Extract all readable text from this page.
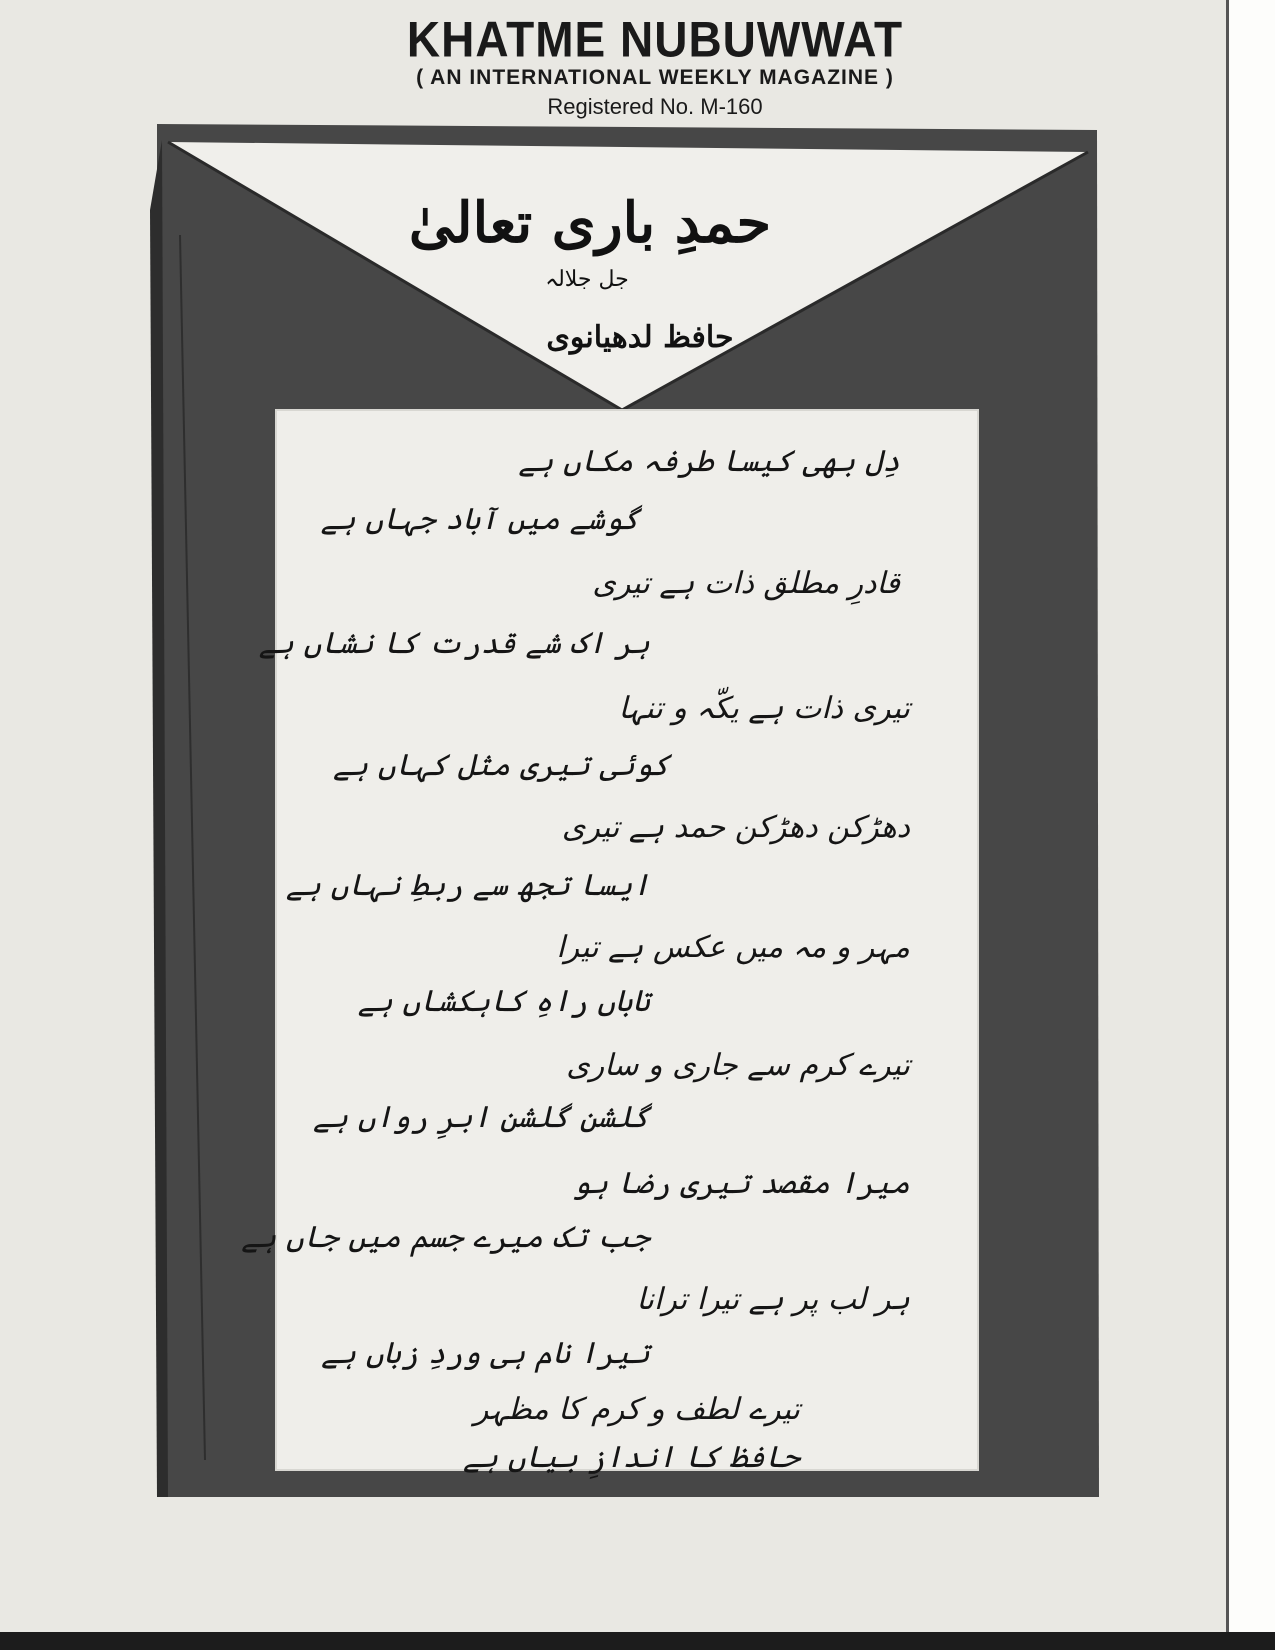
KHATME NUBUWWAT
( AN INTERNATIONAL WEEKLY MAGAZINE )
Registered No. M-160
حمدِ باری تعالیٰ جل جلالہ
حافظ لدھیانوی
دِل بھی کیسا طرفہ مکاں ہے
گوشے میں آباد جہاں ہے
قادرِ مطلق ذات ہے تیری
ہر اک شے قدرت کا نشاں ہے
تیری ذات ہے یکّہ و تنہا
کوئی تیری مثل کہاں ہے
دھڑکن دھڑکن حمد ہے تیری
ایسا تجھ سے ربطِ نہاں ہے
مہر و مہ میں عکس ہے تیرا
تاباں راہِ کاہکشاں ہے
تیرے کرم سے جاری و ساری
گلشن گلشن ابرِ رواں ہے
میرا مقصد تیری رضا ہو
جب تک میرے جسم میں جاں ہے
ہر لب پر ہے تیرا ترانا
تیرا نام ہی وردِ زباں ہے
تیرے لطف و کرم کا مظہر
حافظ کا اندازِ بیاں ہے
